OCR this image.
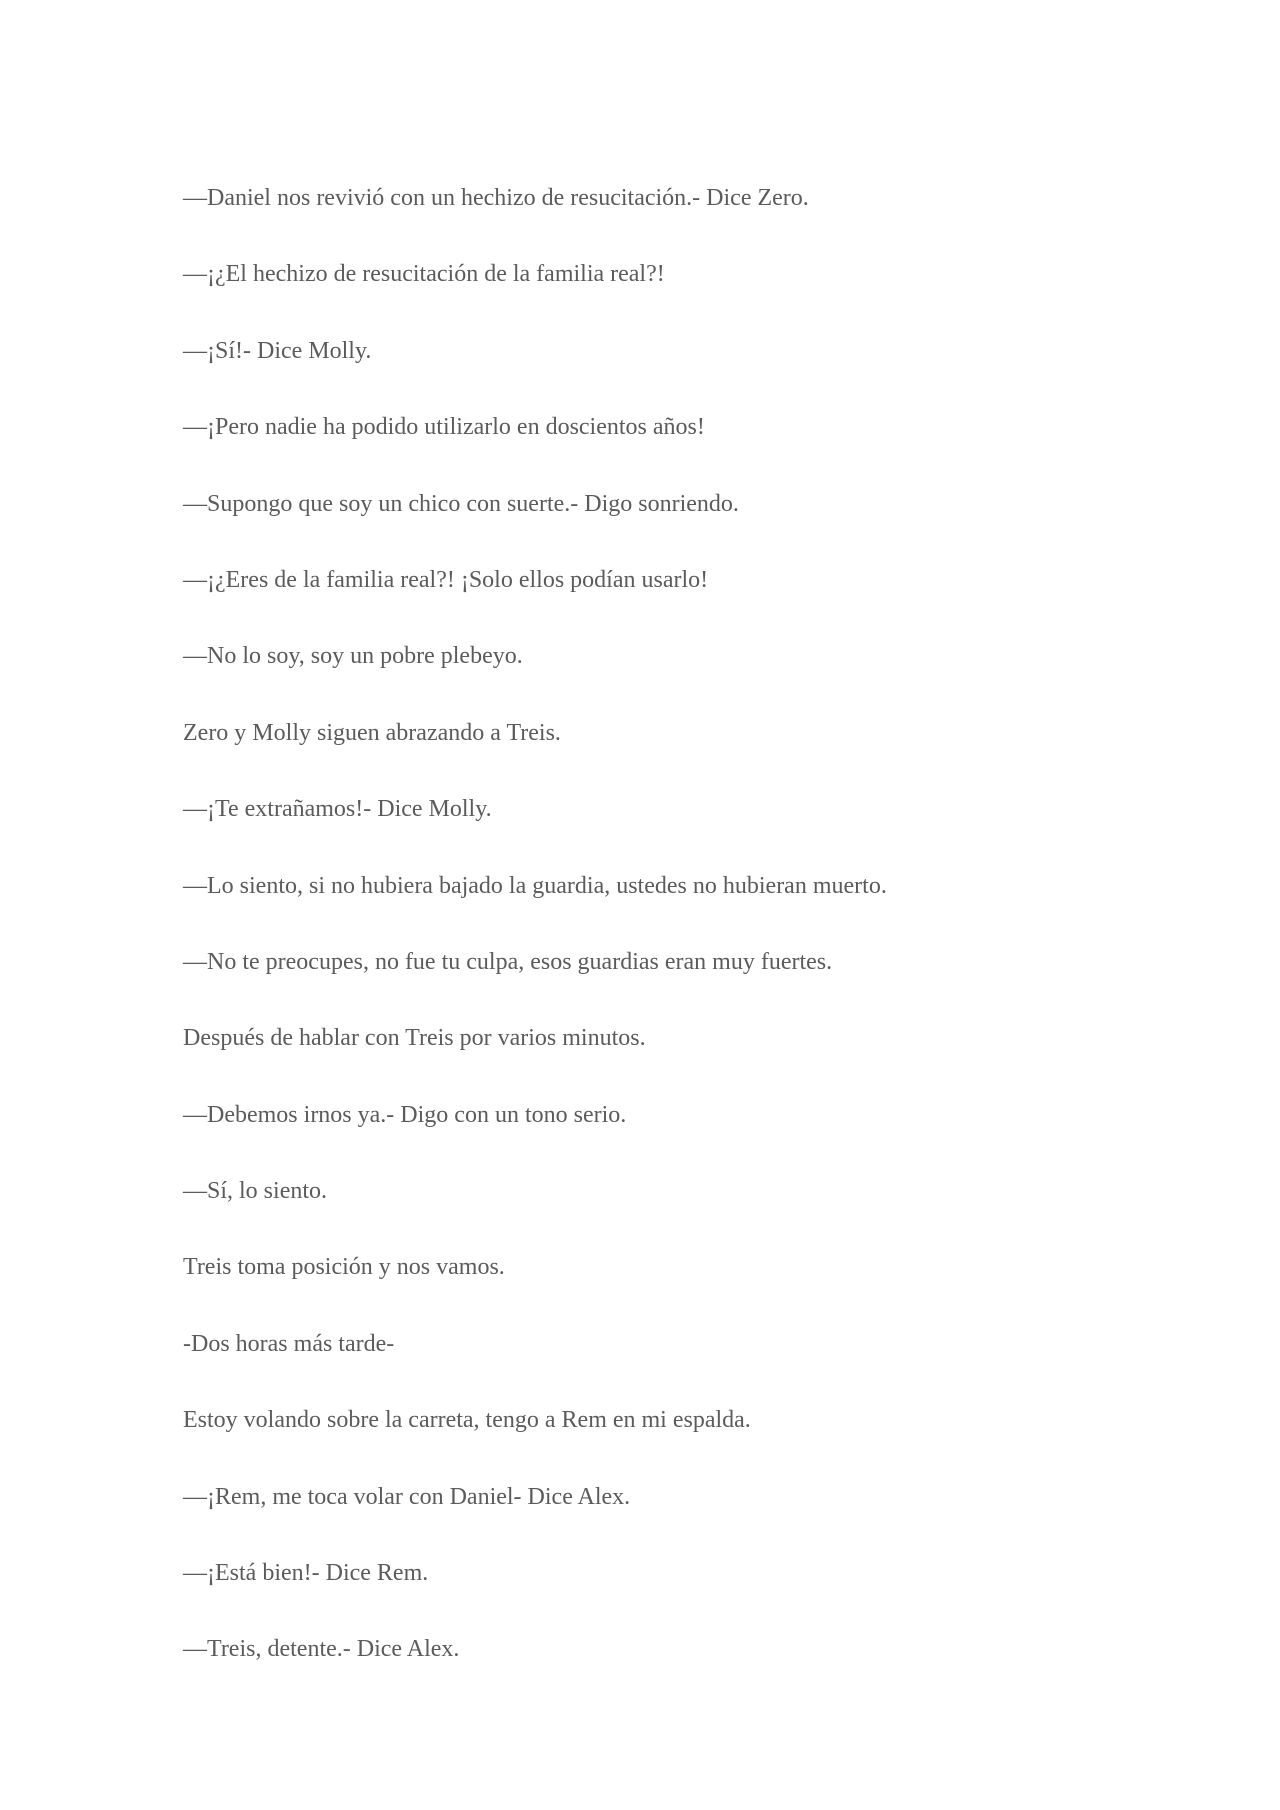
—Daniel nos revivió con un hechizo de resucitación.- Dice Zero.

—¡¿El hechizo de resucitación de la familia real?!

—¡Sí!- Dice Molly.

—¡Pero nadie ha podido utilizarlo en doscientos años!

—Supongo que soy un chico con suerte.- Digo sonriendo.

—¡¿Eres de la familia real?! ¡Solo ellos podían usarlo!

—No lo soy, soy un pobre plebeyo.

Zero y Molly siguen abrazando a Treis.

—¡Te extrañamos!- Dice Molly.

—Lo siento, si no hubiera bajado la guardia, ustedes no hubieran muerto.

—No te preocupes, no fue tu culpa, esos guardias eran muy fuertes.

Después de hablar con Treis por varios minutos.

—Debemos irnos ya.- Digo con un tono serio.

—Sí, lo siento.

Treis toma posición y nos vamos.

-Dos horas más tarde-

Estoy volando sobre la carreta, tengo a Rem en mi espalda.

—¡Rem, me toca volar con Daniel- Dice Alex.

—¡Está bien!- Dice Rem.

—Treis, detente.- Dice Alex.
